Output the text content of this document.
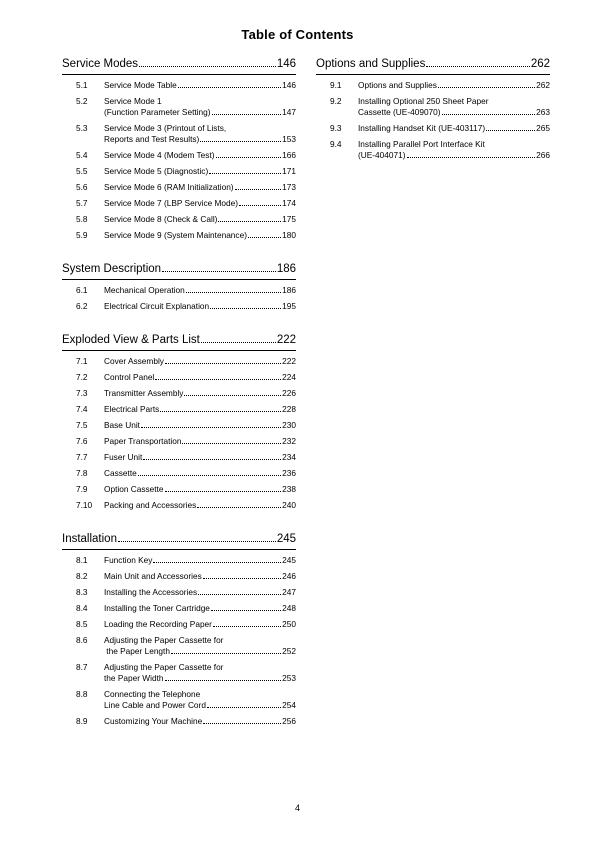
Table of Contents
Service Modes	146
5.1	Service Mode Table	146
5.2	Service Mode 1
(Function Parameter Setting)	147
5.3	Service Mode 3 (Printout of Lists,
Reports and Test Results)	153
5.4	Service Mode 4 (Modem Test)	166
5.5	Service Mode 5 (Diagnostic)	171
5.6	Service Mode 6 (RAM Initialization)	173
5.7	Service Mode 7 (LBP Service Mode)	174
5.8	Service Mode 8 (Check & Call)	175
5.9	Service Mode 9 (System Maintenance)	180
System Description	186
6.1	Mechanical Operation	186
6.2	Electrical Circuit Explanation	195
Exploded View & Parts List	222
7.1	Cover Assembly	222
7.2	Control Panel	224
7.3	Transmitter Assembly	226
7.4	Electrical Parts	228
7.5	Base Unit	230
7.6	Paper Transportation	232
7.7	Fuser Unit	234
7.8	Cassette	236
7.9	Option Cassette	238
7.10	Packing and Accessories	240
Installation	245
8.1	Function Key	245
8.2	Main Unit and Accessories	246
8.3	Installing the Accessories	247
8.4	Installing the Toner Cartridge	248
8.5	Loading the Recording Paper	250
8.6	Adjusting the Paper Cassette for
the Paper Length	252
8.7	Adjusting the Paper Cassette for
the Paper Width	253
8.8	Connecting the Telephone
Line Cable and Power Cord	254
8.9	Customizing Your Machine	256
Options and Supplies	262
9.1	Options and Supplies	262
9.2	Installing Optional 250 Sheet Paper
Cassette (UE-409070)	263
9.3	Installing Handset Kit (UE-403117)	265
9.4	Installing Parallel Port Interface Kit
(UE-404071)	266
4
